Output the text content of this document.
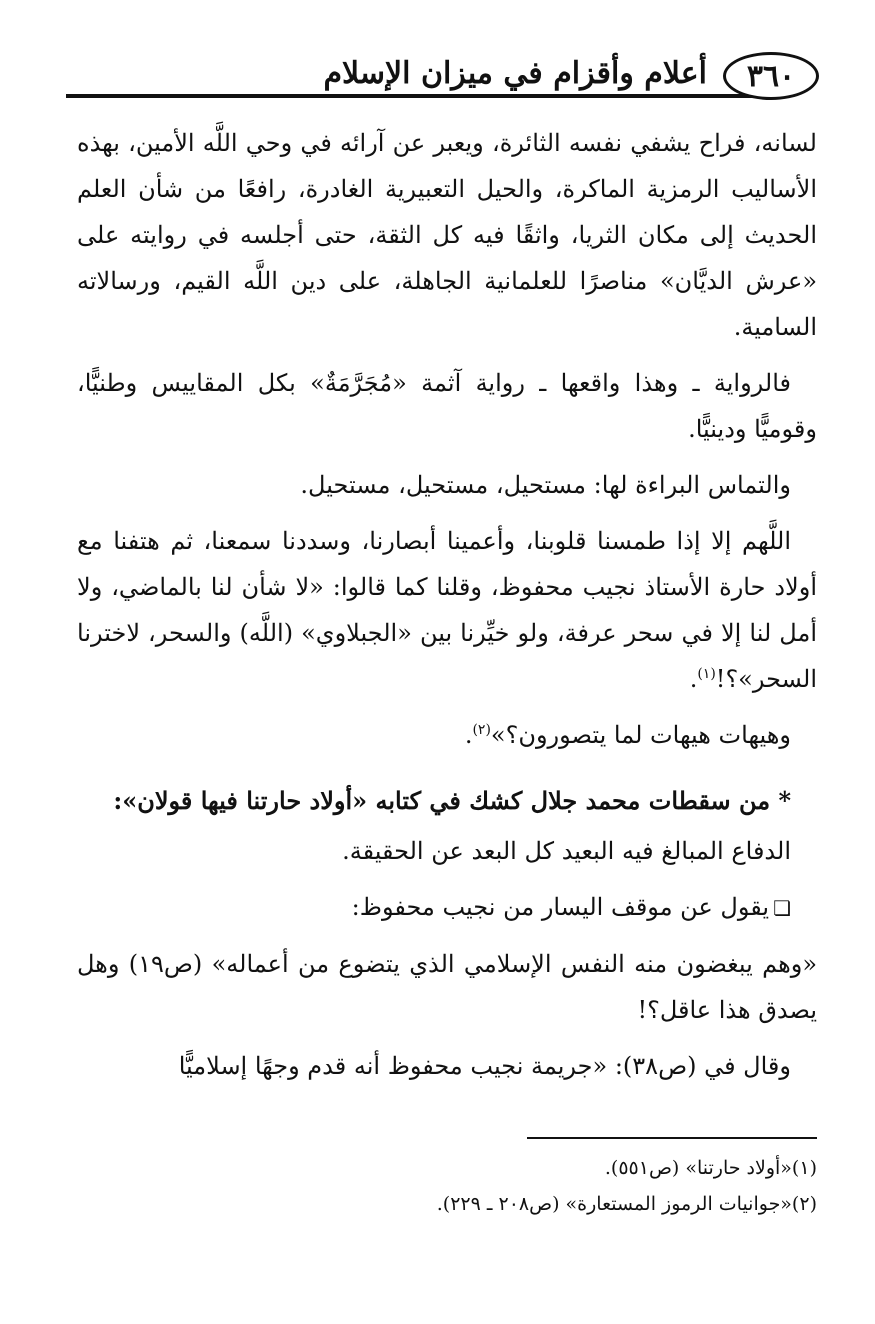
٣٦٠
أعلام وأقزام في ميزان الإسلام

لسانه، فراح يشفي نفسه الثائرة، ويعبر عن آرائه في وحي اللَّه الأمين، بهذه الأساليب الرمزية الماكرة، والحيل التعبيرية الغادرة، رافعًا من شأن العلم الحديث إلى مكان الثريا، واثقًا فيه كل الثقة، حتى أجلسه في روايته على «عرش الديَّان» مناصرًا للعلمانية الجاهلة، على دين اللَّه القيم، ورسالاته السامية.

فالرواية ـ وهذا واقعها ـ رواية آثمة «مُجَرَّمَةٌ» بكل المقاييس وطنيًّا، وقوميًّا ودينيًّا.

والتماس البراءة لها: مستحيل، مستحيل، مستحيل.

اللَّهم إلا إذا طمسنا قلوبنا، وأعمينا أبصارنا، وسددنا سمعنا، ثم هتفنا مع أولاد حارة الأستاذ نجيب محفوظ، وقلنا كما قالوا: «لا شأن لنا بالماضي، ولا أمل لنا إلا في سحر عرفة، ولو خيِّرنا بين «الجبلاوي» (اللَّه) والسحر، لاخترنا السحر»؟!$^{(١)}$.

وهيهات هيهات لما يتصورون؟»$^{(٢)}$.

* من سقطات محمد جلال كشك في كتابه «أولاد حارتنا فيها قولان»:

الدفاع المبالغ فيه البعيد كل البعد عن الحقيقة.

❏يقول عن موقف اليسار من نجيب محفوظ:

«وهم يبغضون منه النفس الإسلامي الذي يتضوع من أعماله» (ص١٩) وهل يصدق هذا عاقل؟!

وقال في (ص٣٨): «جريمة نجيب محفوظ أنه قدم وجهًا إسلاميًّا

(١)«أولاد حارتنا» (ص٥٥١).

(٢)«جوانيات الرموز المستعارة» (ص٢٠٨ ـ ٢٢٩).
